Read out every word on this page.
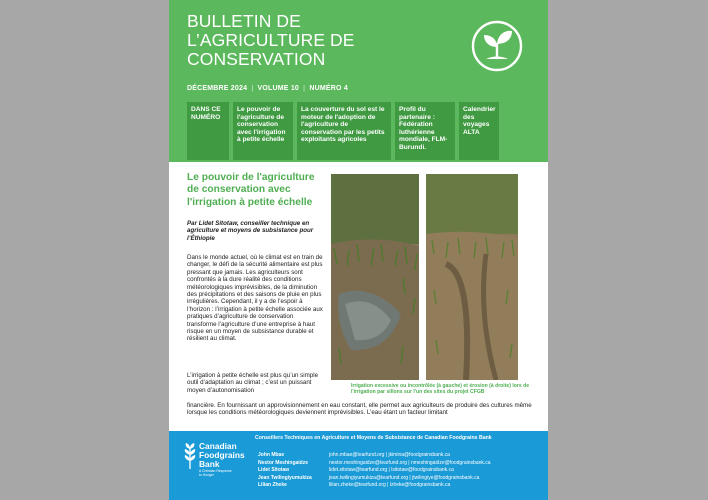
BULLETIN DE
L’AGRICULTURE DE
CONSERVATION
DÉCEMBRE 2024 | VOLUME 10 | NUMÉRO 4
DANS CE NUMÉRO
Le pouvoir de l'agriculture de conservation avec l'irrigation à petite échelle
La couverture du sol est le moteur de l'adoption de l'agriculture de conservation par les petits exploitants agricoles
Profil du partenaire : Fédération luthérienne mondiale, FLM-Burundi.
Calendrier des voyages ALTA
Le pouvoir de l'agriculture de conservation avec l'irrigation à petite échelle

Par Lidet Sitotaw, conseiller technique en agriculture et moyens de subsistance pour l’Éthiopie

Dans le monde actuel, où le climat est en train de changer, le défi de la sécurité alimentaire est plus pressant que jamais. Les agriculteurs sont confrontés à la dure réalité des conditions météorologiques imprévisibles, de la diminution des précipitations et des saisons de pluie en plus irrégulières. Cependant, il y a de l’espoir à l’horizon : l’irrigation à petite échelle associée aux pratiques d’agriculture de conservation transforme l’agriculture d’une entreprise à haut risque en un moyen de subsistance durable et résilient au climat.

L’irrigation à petite échelle est plus qu’un simple outil d’adaptation au climat ; c’est un puissant moyen d’autonomisation

financière. En fournissant un approvisionnement en eau constant, elle permet aux agriculteurs de produire des cultures même lorsque les conditions météorologiques deviennent imprévisibles. L’eau étant un facteur limitant

Irrigation excessive ou incontrôlée (à gauche) et érosion (à droite) lors de l'irrigation par sillons sur l'un des sites du projet CFGB

Canadian
Foodgrains
Bank
A Christian Response
to Hunger
Conseillers Techniques en Agriculture et Moyens de Subsistance de Canadian Foodgrains Bank
John Mbae	john.mbae@tearfund.org | jkimina@foodgrainsbank.ca
Nestor Meshingaidze	nestor.meshingaidze@tearfund.org | nmeshingaidze@foodgrainsbank.ca
Lidet Sitotaw	lidet.sitotaw@tearfund.org | lsitotaw@foodgrainsbank.ca
Jean Twilingiyumukiza	jean.twilingiyumukiza@tearfund.org | jtwilingiye@foodgrainsbank.ca
Lilian Zheke	lilian.zheke@tearfund.org | lzheke@foodgrainsbank.ca
